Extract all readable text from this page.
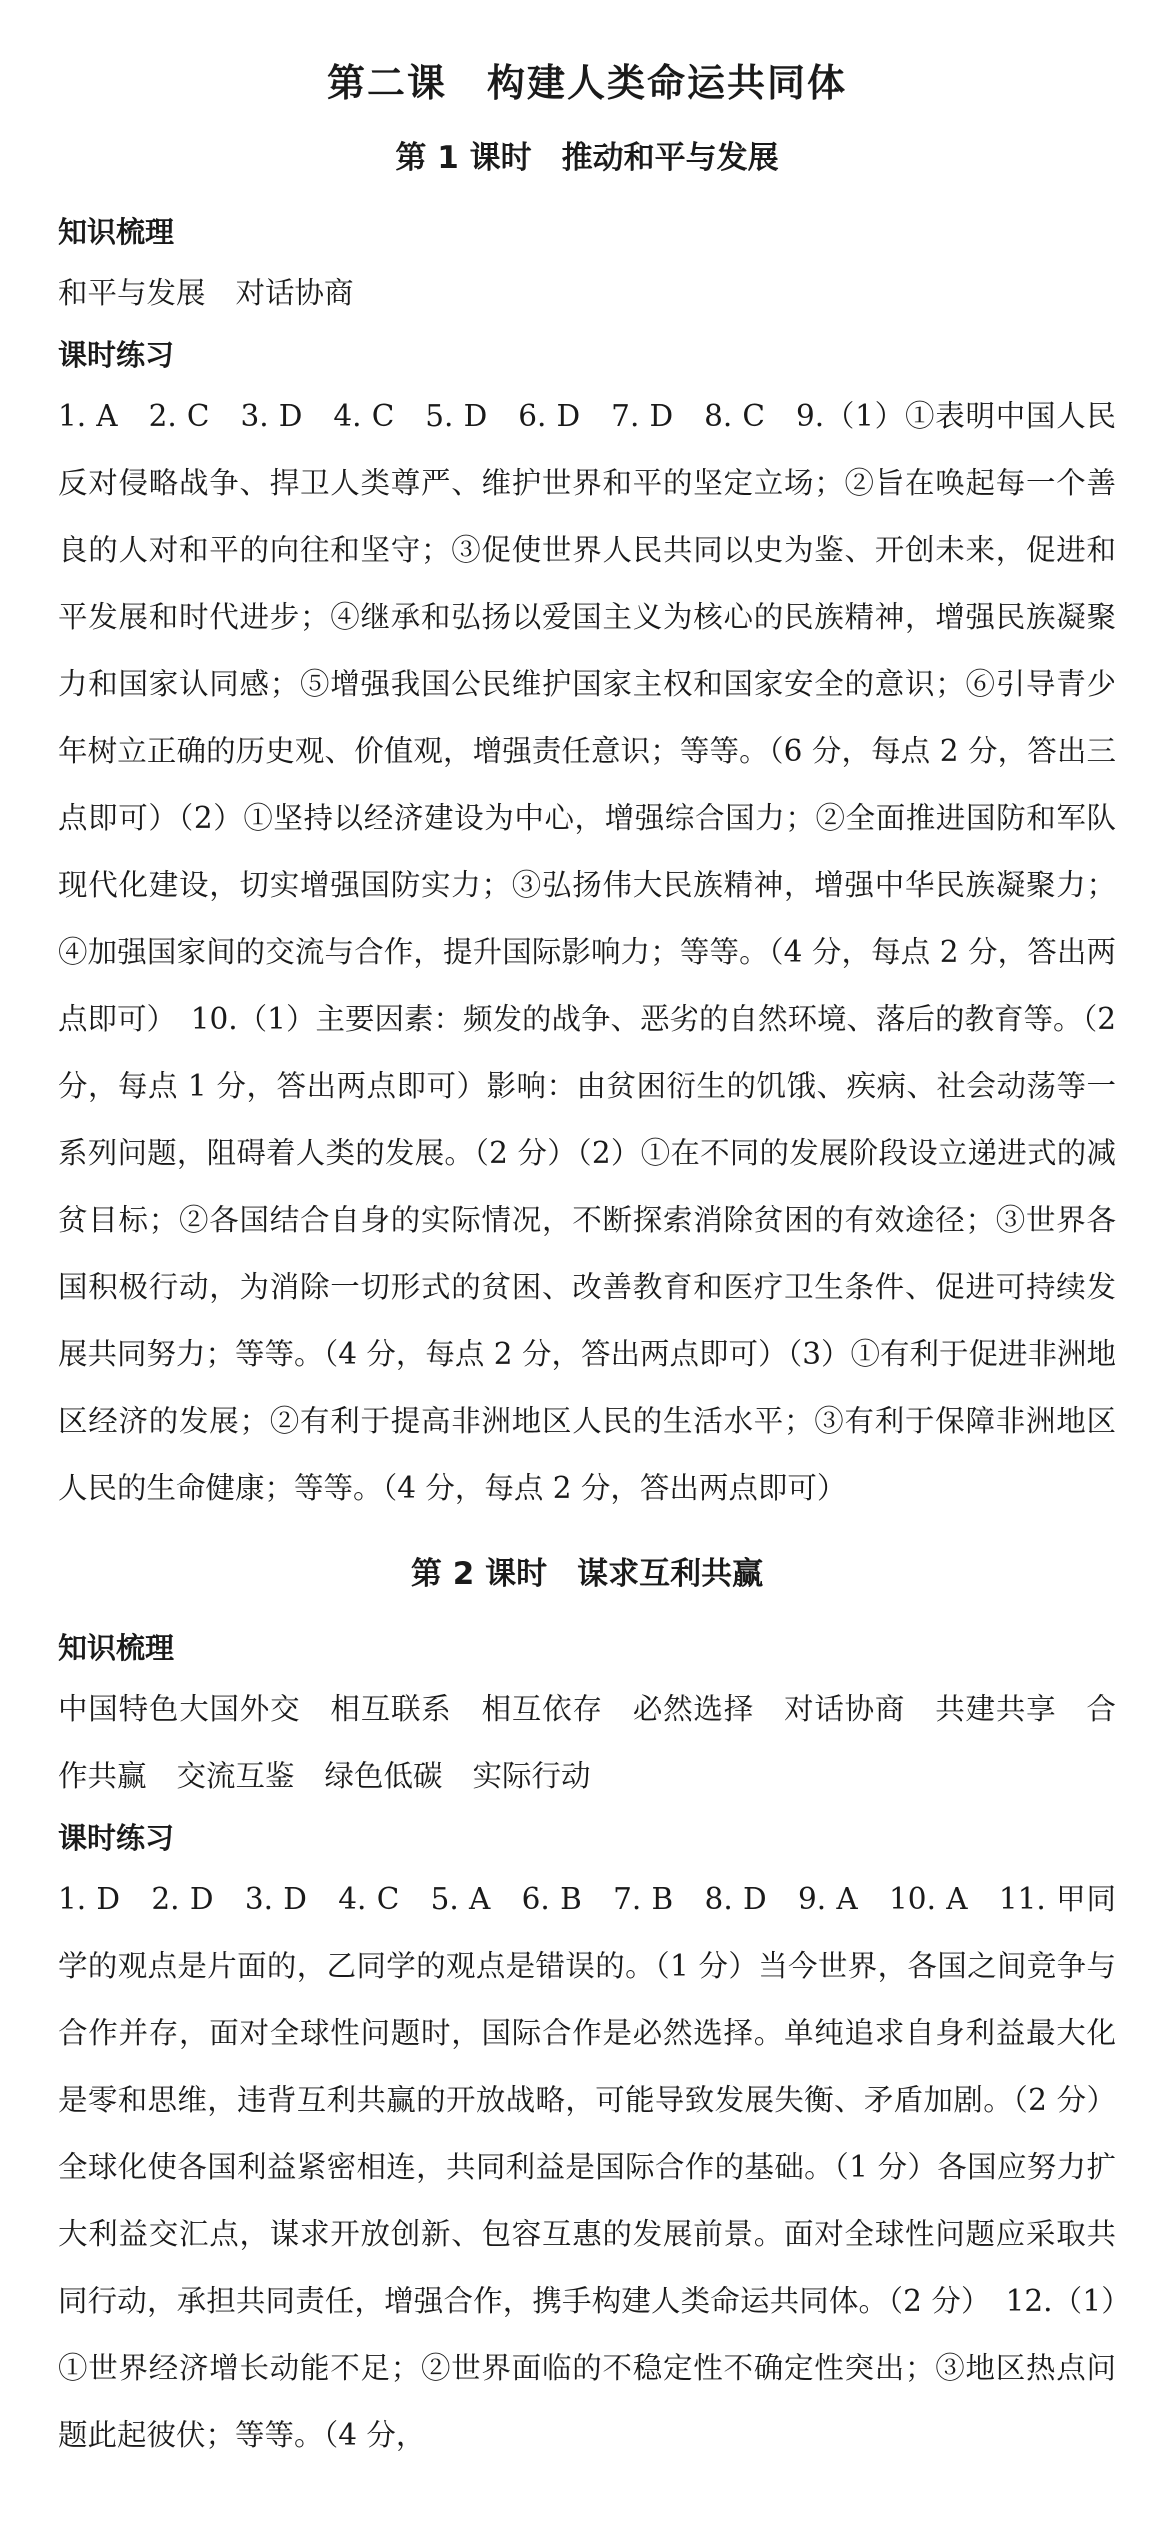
第二课　构建人类命运共同体
第 1 课时 推动和平与发展
知识梳理

和平与发展 对话协商

课时练习

1. A　2. C　3. D　4. C　5. D　6. D　7. D　8. C　9.（1）①表明中国人民反对侵略战争、捍卫人类尊严、维护世界和平的坚定立场；②旨在唤起每一个善良的人对和平的向往和坚守；③促使世界人民共同以史为鉴、开创未来，促进和平发展和时代进步；④继承和弘扬以爱国主义为核心的民族精神，增强民族凝聚力和国家认同感；⑤增强我国公民维护国家主权和国家安全的意识；⑥引导青少年树立正确的历史观、价值观，增强责任意识；等等。（6 分，每点 2 分，答出三点即可）（2）①坚持以经济建设为中心，增强综合国力；②全面推进国防和军队现代化建设，切实增强国防实力；③弘扬伟大民族精神，增强中华民族凝聚力；④加强国家间的交流与合作，提升国际影响力；等等。（4 分，每点 2 分，答出两点即可）　10.（1）主要因素：频发的战争、恶劣的自然环境、落后的教育等。（2 分，每点 1 分，答出两点即可）影响：由贫困衍生的饥饿、疾病、社会动荡等一系列问题，阻碍着人类的发展。（2 分）（2）①在不同的发展阶段设立递进式的减贫目标；②各国结合自身的实际情况，不断探索消除贫困的有效途径；③世界各国积极行动，为消除一切形式的贫困、改善教育和医疗卫生条件、促进可持续发展共同努力；等等。（4 分，每点 2 分，答出两点即可）（3）①有利于促进非洲地区经济的发展；②有利于提高非洲地区人民的生活水平；③有利于保障非洲地区人民的生命健康；等等。（4 分，每点 2 分，答出两点即可）

第 2 课时 谋求互利共赢
知识梳理

中国特色大国外交 相互联系 相互依存 必然选择 对话协商 共建共享 合作共赢 交流互鉴 绿色低碳 实际行动

课时练习

1. D　2. D　3. D　4. C　5. A　6. B　7. B　8. D　9. A　10. A　11. 甲同学的观点是片面的，乙同学的观点是错误的。（1 分）当今世界，各国之间竞争与合作并存，面对全球性问题时，国际合作是必然选择。单纯追求自身利益最大化是零和思维，违背互利共赢的开放战略，可能导致发展失衡、矛盾加剧。（2 分）全球化使各国利益紧密相连，共同利益是国际合作的基础。（1 分）各国应努力扩大利益交汇点，谋求开放创新、包容互惠的发展前景。面对全球性问题应采取共同行动，承担共同责任，增强合作，携手构建人类命运共同体。（2 分）　12.（1）①世界经济增长动能不足；②世界面临的不稳定性不确定性突出；③地区热点问题此起彼伏；等等。（4 分，
